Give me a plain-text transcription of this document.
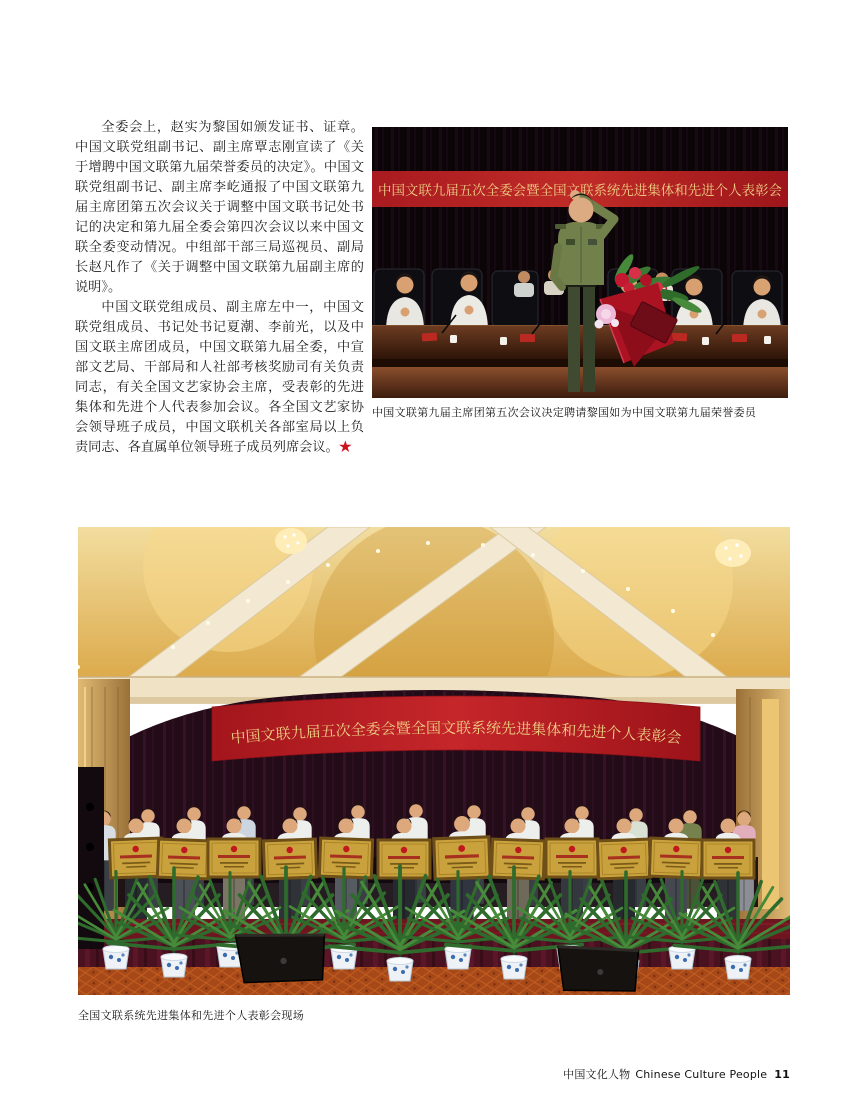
全委会上，赵实为黎国如颁发证书、证章。中国文联党组副书记、副主席覃志刚宣读了《关于增聘中国文联第九届荣誉委员的决定》。中国文联党组副书记、副主席李屹通报了中国文联第九届主席团第五次会议关于调整中国文联书记处书记的决定和第九届全委会第四次会议以来中国文联全委变动情况。中组部干部三局巡视员、副局长赵凡作了《关于调整中国文联第九届副主席的说明》。

中国文联党组成员、副主席左中一，中国文联党组成员、书记处书记夏潮、李前光，以及中国文联主席团成员，中国文联第九届全委，中宣部文艺局、干部局和人社部考核奖励司有关负责同志，有关全国文艺家协会主席，受表彰的先进集体和先进个人代表参加会议。各全国文艺家协会领导班子成员，中国文联机关各部室局以上负责同志、各直属单位领导班子成员列席会议。★

中国文联九届五次全委会暨全国文联系统先进集体和先进个人表彰会
中国文联第九届主席团第五次会议决定聘请黎国如为中国文联第九届荣誉委员
中国文联九届五次全委会暨全国文联系统先进集体和先进个人表彰会
全国文联系统先进集体和先进个人表彰会现场
中国文化人物 Chinese Culture People 11
